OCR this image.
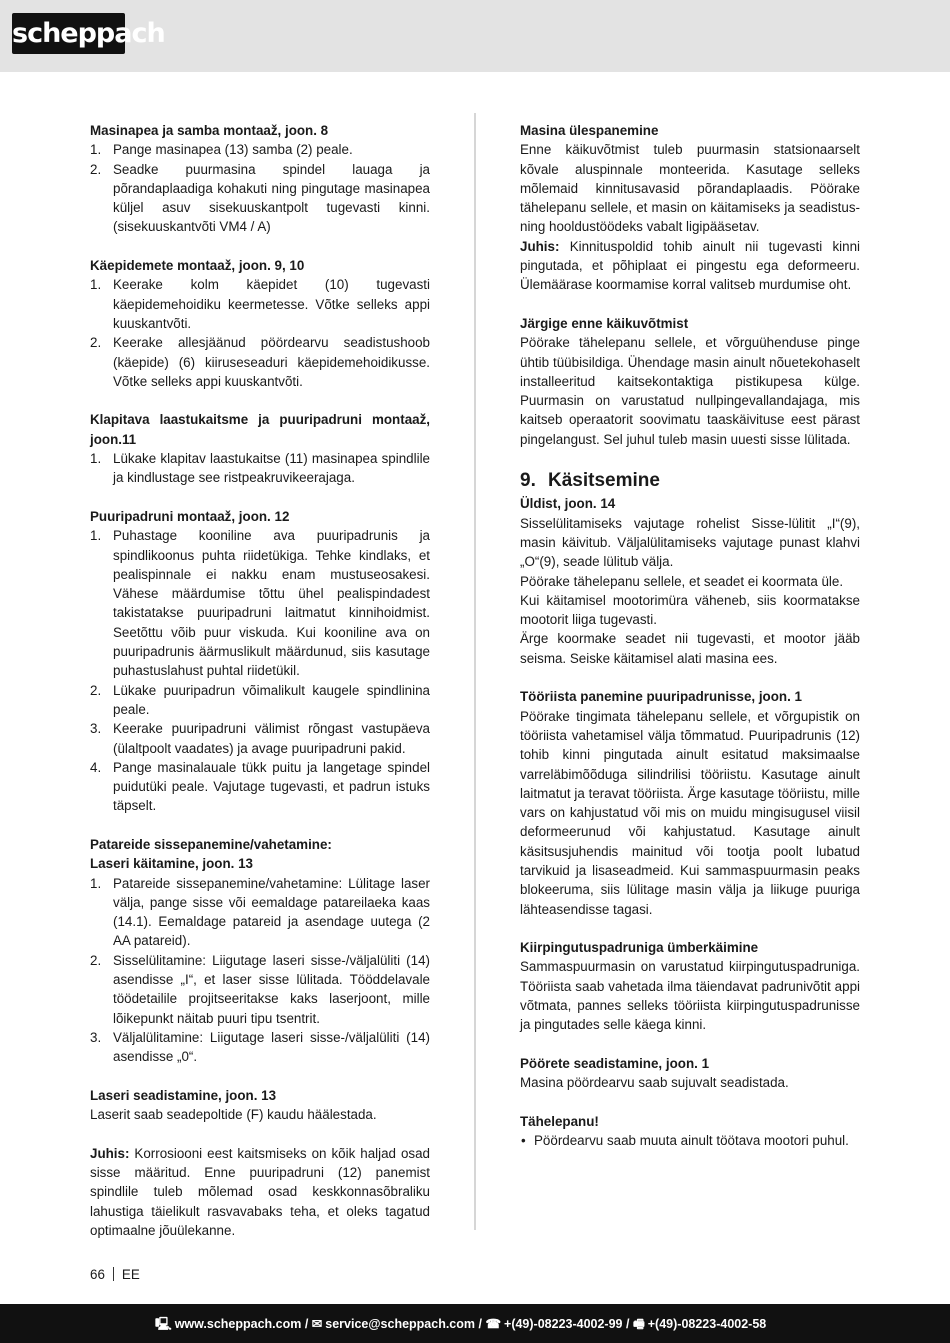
scheppach

Masinapea ja samba montaaž, joon. 8

1. Pange masinapea (13) samba (2) peale.
2. Seadke puurmasina spindel lauaga ja põrandaplaadiga kohakuti ning pingutage masinapea küljel asuv sisekuuskantpolt tugevasti kinni. (sisekuuskantvõti VM4 / A)

Käepidemete montaaž, joon. 9, 10

1. Keerake kolm käepidet (10) tugevasti käepidemehoidiku keermetesse. Võtke selleks appi kuuskantvõti.
2. Keerake allesjäänud pöördearvu seadistushoob (käepide) (6) kiiruseseaduri käepidemehoidikusse. Võtke selleks appi kuuskantvõti.

Klapitava laastukaitsme ja puuripadruni montaaž, joon.11

1. Lükake klapitav laastukaitse (11) masinapea spindlile ja kindlustage see ristpeakruvikeerajaga.

Puuripadruni montaaž, joon. 12

1. Puhastage kooniline ava puuripadrunis ja spindlikoonus puhta riidetükiga. Tehke kindlaks, et pealispinnale ei nakku enam mustuseosakesi. Vähese määrdumise tõttu ühel pealispindadest takistatakse puuripadruni laitmatut kinnihoidmist. Seetõttu võib puur viskuda. Kui kooniline ava on puuripadrunis äärmuslikult määrdunud, siis kasutage puhastuslahust puhtal riidetükil.
2. Lükake puuripadrun võimalikult kaugele spindlinina peale.
3. Keerake puuripadruni välimist rõngast vastupäeva (ülaltpoolt vaadates) ja avage puuripadruni pakid.
4. Pange masinalauale tükk puitu ja langetage spindel puidutüki peale. Vajutage tugevasti, et padrun istuks täpselt.

Patareide sissepanemine/vahetamine:

Laseri käitamine, joon. 13

1. Patareide sissepanemine/vahetamine: Lülitage laser välja, pange sisse või eemaldage patareilaeka kaas (14.1). Eemaldage patareid ja asendage uutega (2 AA patareid).
2. Sisselülitamine: Liigutage laseri sisse-/väljalüliti (14) asendisse „I“, et laser sisse lülitada. Tööddelavale töödetailile projitseeritakse kaks laserjoont, mille lõikepunkt näitab puuri tipu tsentrit.
3. Väljalülitamine: Liigutage laseri sisse-/väljalüliti (14) asendisse „0“.

Laseri seadistamine, joon. 13

Laserit saab seadepoltide (F) kaudu häälestada.

Juhis: Korrosiooni eest kaitsmiseks on kõik haljad osad sisse määritud. Enne puuripadruni (12) panemist spindlile tuleb mõlemad osad keskkonnasõbraliku lahustiga täielikult rasvavabaks teha, et oleks tagatud optimaalne jõuülekanne.

Masina ülespanemine

Enne käikuvõtmist tuleb puurmasin statsionaarselt kõvale aluspinnale monteerida. Kasutage selleks mõlemaid kinnitusavasid põrandaplaadis. Pöörake tähelepanu sellele, et masin on käitamiseks ja seadistus- ning hooldustöödeks vabalt ligipääsetav.

Juhis: Kinnituspoldid tohib ainult nii tugevasti kinni pingutada, et põhiplaat ei pingestu ega deformeeru. Ülemäärase koormamise korral valitseb murdumise oht.

Järgige enne käikuvõtmist

Pöörake tähelepanu sellele, et võrguühenduse pinge ühtib tüübisildiga. Ühendage masin ainult nõuetekohaselt installeeritud kaitsekontaktiga pistikupesa külge. Puurmasin on varustatud nullpingevallandajaga, mis kaitseb operaatorit soovimatu taaskäivituse eest pärast pingelangust. Sel juhul tuleb masin uuesti sisse lülitada.

9. Käsitsemine

Üldist, joon. 14

Sisselülitamiseks vajutage rohelist Sisse-lülitit „I“(9), masin käivitub. Väljalülitamiseks vajutage punast klahvi „O“(9), seade lülitub välja.

Pöörake tähelepanu sellele, et seadet ei koormata üle.

Kui käitamisel mootorimüra väheneb, siis koormatakse mootorit liiga tugevasti.

Ärge koormake seadet nii tugevasti, et mootor jääb seisma. Seiske käitamisel alati masina ees.

Tööriista panemine puuripadrunisse, joon. 1

Pöörake tingimata tähelepanu sellele, et võrgupistik on tööriista vahetamisel välja tõmmatud. Puuripadrunis (12) tohib kinni pingutada ainult esitatud maksimaalse varreläbimõõduga silindrilisi tööriistu. Kasutage ainult laitmatut ja teravat tööriista. Ärge kasutage tööriistu, mille vars on kahjustatud või mis on muidu mingisugusel viisil deformeerunud või kahjustatud. Kasutage ainult käsitsusjuhendis mainitud või tootja poolt lubatud tarvikuid ja lisaseadmeid. Kui sammaspuurmasin peaks blokeeruma, siis lülitage masin välja ja liikuge puuriga lähteasendisse tagasi.

Kiirpingutuspadruniga ümberkäimine

Sammaspuurmasin on varustatud kiirpingutuspadruniga. Tööriista saab vahetada ilma täiendavat padrunivõtit appi võtmata, pannes selleks tööriista kiirpingutuspadrunisse ja pingutades selle käega kinni.

Pöörete seadistamine, joon. 1

Masina pöördearvu saab sujuvalt seadistada.

Tähelepanu!

• Pöördearvu saab muuta ainult töötava mootori puhul.
66 EE
🖳︎ www.scheppach.com / ✉︎ service@scheppach.com / ☎︎ +(49)-08223-4002-99 / 🖷︎ +(49)-08223-4002-58
